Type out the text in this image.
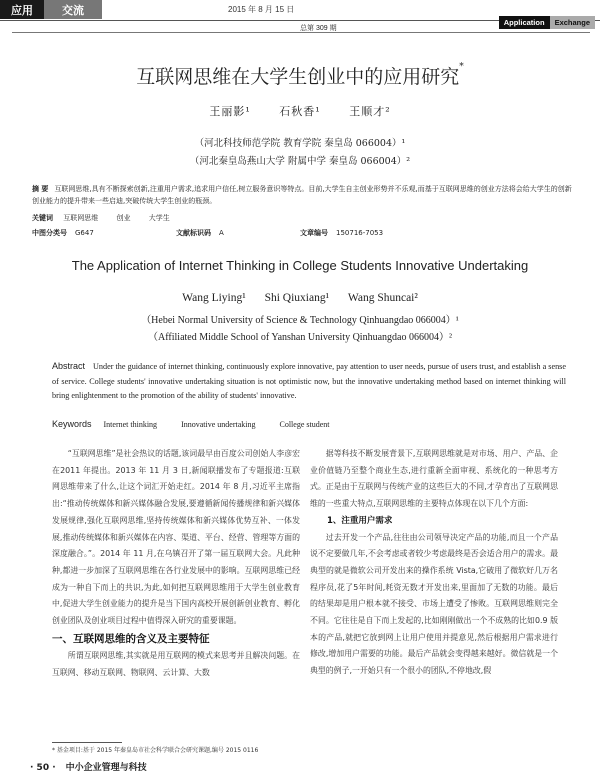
应用	交流	2015 年 8 月 15 日
总第 309 期
Application	Exchange
互联网思维在大学生创业中的应用研究*
王丽影¹	石秋香¹	王顺才²
（河北科技师范学院 教育学院 秦皇岛 066004）¹
（河北秦皇岛燕山大学 附属中学 秦皇岛 066004）²
摘 要 互联网思维,具有不断探索创新,注重用户需求,追求用户信任,树立服务意识等特点。目前,大学生自主创业形势并不乐观,而基于互联网思维的创业方法将会给大学生的创新创业能力的提升带来一些启迪,突破传统大学生创业的瓶颈。
关键词 互联网思维	创业	大学生
中图分类号 G647	文献标识码 A	文章编号 150716-7053
The Application of Internet Thinking in College Students Innovative Undertaking
Wang Liying¹ Shi Qiuxiang¹ Wang Shuncai²
（Hebei Normal University of Science & Technology Qinhuangdao 066004）¹
（Affiliated Middle School of Yanshan University Qinhuangdao 066004）²
Abstract Under the guidance of internet thinking, continuously explore innovative, pay attention to user needs, pursue of users trust, and establish a sense of service. College students' innovative undertaking situation is not optimistic now, but the innovative undertaking method based on internet thinking will bring enlightenment to the promotion of the ability of students' innovative.
Keywords Internet thinking	Innovative undertaking	College student

“互联网思维”是社会热议的话题,该词最早由百度公司创始人李彦宏在2011 年提出。2013 年 11 月 3 日,新闻联播发布了专题报道:互联网思维带来了什么,让这个词汇开始走红。2014 年 8 月,习近平主席指出:“推动传统媒体和新兴媒体融合发展,要遵循新闻传播规律和新兴媒体发展规律,强化互联网思维,坚持传统媒体和新兴媒体优势互补、一体发展,推动传统媒体和新兴媒体在内容、渠道、平台、经营、管理等方面的深度融合。”。2014 年 11 月,在乌镇召开了第一届互联网大会。凡此种种,都进一步加深了互联网思维在各行业发展中的影响。互联网思维已经成为一种自下而上的共识,为此,如何把互联网思维用于大学生创业教育中,促进大学生创业能力的提升是当下国内高校开展创新创业教育、孵化创业团队及创业项目过程中值得深入研究的重要课题。

一、互联网思维的含义及主要特征

所谓互联网思维,其实就是用互联网的模式来思考并且解决问题。在互联网、移动互联网、物联网、云计算、大数

据等科技不断发展背景下,互联网思维就是对市场、用户、产品、企业价值链乃至整个商业生态,进行重新全面审视、系统化的一种思考方式。正是由于互联网与传统产业的这些巨大的不同,才孕育出了互联网思维的一些重大特点,互联网思维的主要特点体现在以下几个方面:

1、注重用户需求

过去开发一个产品,往往由公司领导决定产品的功能,而且一个产品说不定要做几年,不会考虑或者较少考虑最终是否会适合用户的需求。最典型的就是微软公司开发出来的操作系统 Vista,它破用了微软好几万名程序员,花了5年时间,耗资无数才开发出来,里面加了无数的功能。最后的结果却是用户根本就不接受、市场上遭受了惨败。互联网思维则完全不同。它往往是自下而上发起的,比如刚刚做出一个不成熟的比如0.9 版本的产品,就把它放到网上让用户使用并提意见,然后根据用户需求进行修改,增加用户需要的功能。最后产品就会变得越来越好。微信就是一个典型的例子,一开始只有一个很小的团队,不停地改,假

* 基金项目:基于 2015 年秦皇岛市社会科学联合会研究课题,编号 2015 0116
· 50 · 中小企业管理与科技
